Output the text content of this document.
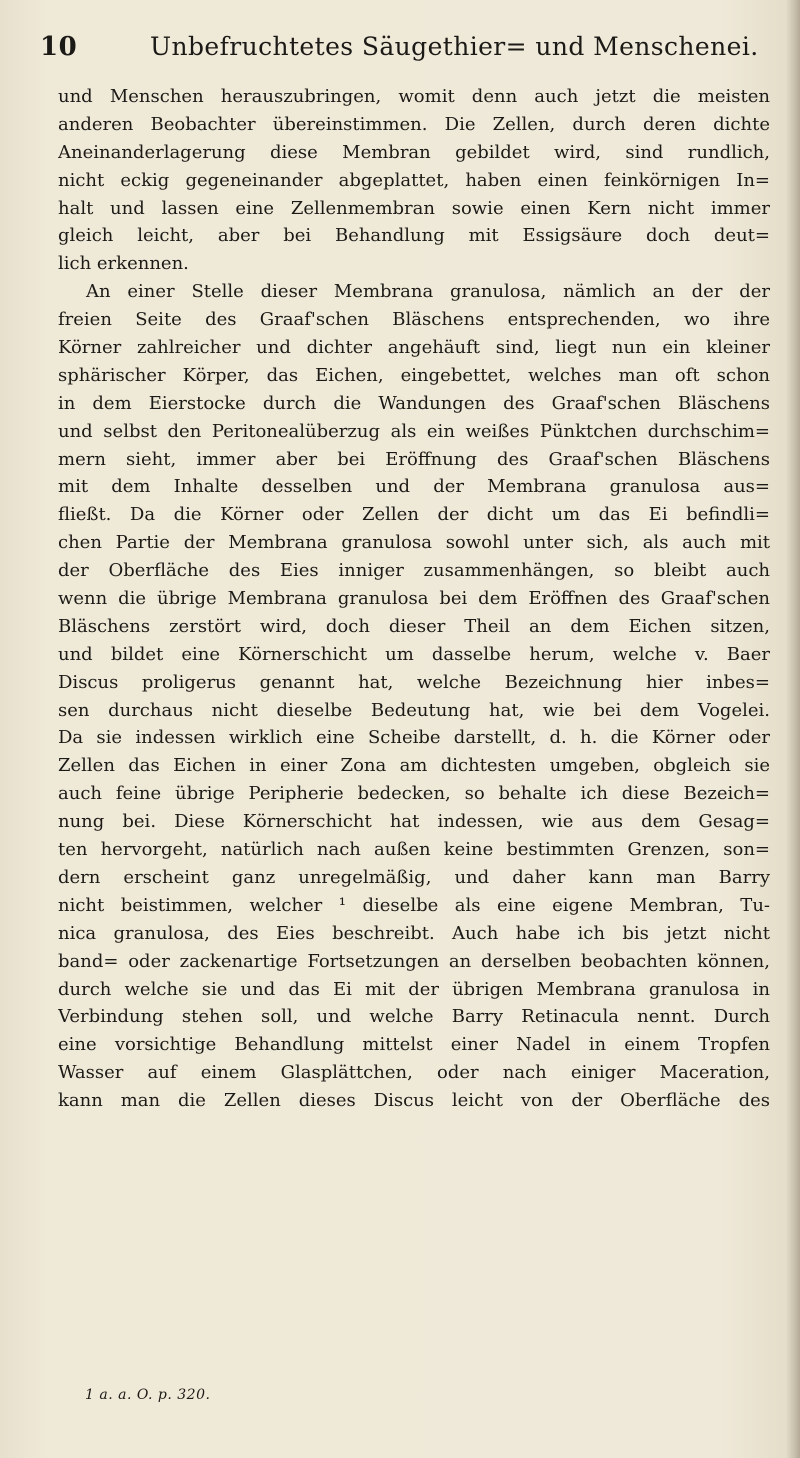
10	Unbefruchtetes Säugethier= und Menschenei.
und Menschen herauszubringen, womit denn auch jetzt die meisten
anderen Beobachter übereinstimmen. Die Zellen, durch deren dichte
Aneinanderlagerung diese Membran gebildet wird, sind rundlich,
nicht eckig gegeneinander abgeplattet, haben einen feinkörnigen In=
halt und lassen eine Zellenmembran sowie einen Kern nicht immer
gleich leicht, aber bei Behandlung mit Essigsäure doch deut=
lich erkennen.
An einer Stelle dieser Membrana granulosa, nämlich an der der
freien Seite des Graaf'schen Bläschens entsprechenden, wo ihre
Körner zahlreicher und dichter angehäuft sind, liegt nun ein kleiner
sphärischer Körper, das Eichen, eingebettet, welches man oft schon
in dem Eierstocke durch die Wandungen des Graaf'schen Bläschens
und selbst den Peritonealüberzug als ein weißes Pünktchen durchschim=
mern sieht, immer aber bei Eröffnung des Graaf'schen Bläschens
mit dem Inhalte desselben und der Membrana granulosa aus=
fließt. Da die Körner oder Zellen der dicht um das Ei befindli=
chen Partie der Membrana granulosa sowohl unter sich, als auch mit
der Oberfläche des Eies inniger zusammenhängen, so bleibt auch
wenn die übrige Membrana granulosa bei dem Eröffnen des Graaf'schen
Bläschens zerstört wird, doch dieser Theil an dem Eichen sitzen,
und bildet eine Körnerschicht um dasselbe herum, welche v. Baer
Discus proligerus genannt hat, welche Bezeichnung hier inbes=
sen durchaus nicht dieselbe Bedeutung hat, wie bei dem Vogelei.
Da sie indessen wirklich eine Scheibe darstellt, d. h. die Körner oder
Zellen das Eichen in einer Zona am dichtesten umgeben, obgleich sie
auch feine übrige Peripherie bedecken, so behalte ich diese Bezeich=
nung bei. Diese Körnerschicht hat indessen, wie aus dem Gesag=
ten hervorgeht, natürlich nach außen keine bestimmten Grenzen, son=
dern erscheint ganz unregelmäßig, und daher kann man Barry
nicht beistimmen, welcher ¹ dieselbe als eine eigene Membran, Tu-
nica granulosa, des Eies beschreibt. Auch habe ich bis jetzt nicht
band= oder zackenartige Fortsetzungen an derselben beobachten können,
durch welche sie und das Ei mit der übrigen Membrana granulosa in
Verbindung stehen soll, und welche Barry Retinacula nennt. Durch
eine vorsichtige Behandlung mittelst einer Nadel in einem Tropfen
Wasser auf einem Glasplättchen, oder nach einiger Maceration,
kann man die Zellen dieses Discus leicht von der Oberfläche des
1 a. a. O. p. 320.
